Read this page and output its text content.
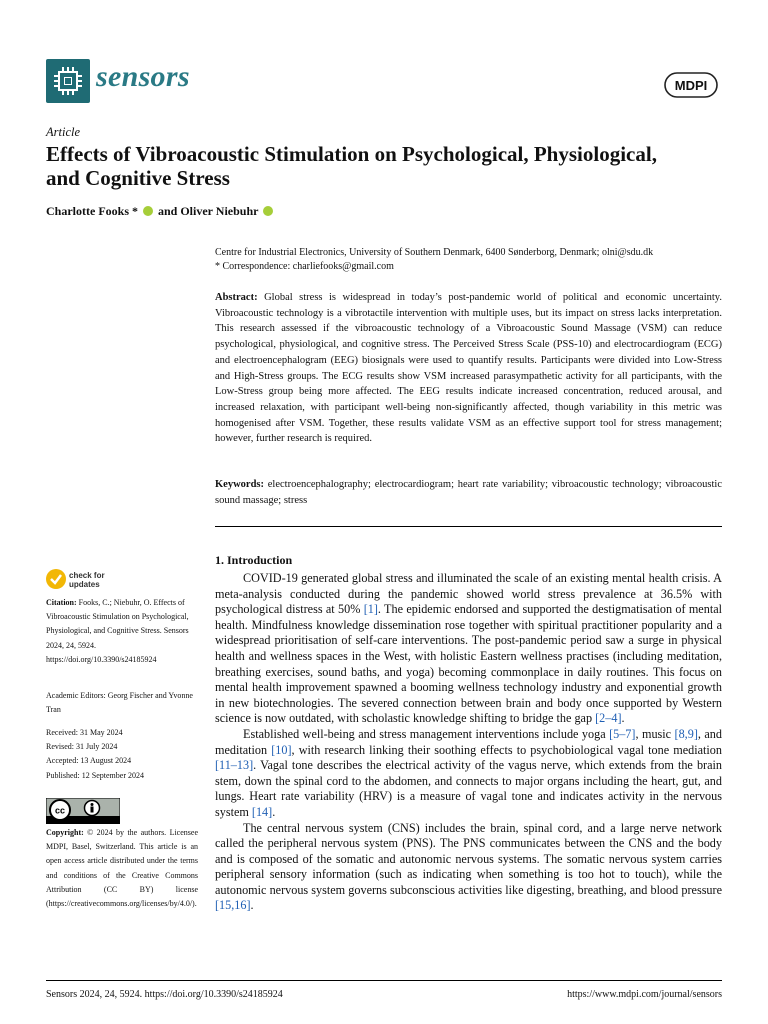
sensors	MDPI
Article
Effects of Vibroacoustic Stimulation on Psychological, Physiological, and Cognitive Stress
Charlotte Fooks * and Oliver Niebuhr
Centre for Industrial Electronics, University of Southern Denmark, 6400 Sønderborg, Denmark; olni@sdu.dk
* Correspondence: charliefooks@gmail.com
Abstract: Global stress is widespread in today’s post-pandemic world of political and economic uncertainty. Vibroacoustic technology is a vibrotactile intervention with multiple uses, but its impact on stress lacks interpretation. This research assessed if the vibroacoustic technology of a Vibroacoustic Sound Massage (VSM) can reduce psychological, physiological, and cognitive stress. The Perceived Stress Scale (PSS-10) and electrocardiogram (ECG) and electroencephalogram (EEG) biosignals were used to quantify results. Participants were divided into Low-Stress and High-Stress groups. The ECG results show VSM increased parasympathetic activity for all participants, with the Low-Stress group being more affected. The EEG results indicate increased concentration, reduced arousal, and increased relaxation, with participant well-being non-significantly affected, though variability in this metric was homogenised after VSM. Together, these results validate VSM as an effective support tool for stress management; however, further research is required.
Keywords: electroencephalography; electrocardiogram; heart rate variability; vibroacoustic technology; vibroacoustic sound massage; stress
1. Introduction

COVID-19 generated global stress and illuminated the scale of an existing mental health crisis. A meta-analysis conducted during the pandemic showed world stress prevalence at 36.5% with psychological distress at 50% [1]. The epidemic endorsed and supported the destigmatisation of mental health. Mindfulness knowledge dissemination rose together with spiritual practitioner popularity and a widespread prioritisation of self-care interventions. The post-pandemic period saw a surge in physical health and wellness spaces in the West, with holistic Eastern wellness practises (including meditation, breathing exercises, sound baths, and yoga) becoming commonplace in daily routines. This focus on mental health improvement spawned a booming wellness technology industry and exponential growth in new biotechnologies. The severed connection between brain and body once supported by Western science is now outdated, with scholastic knowledge shifting to bridge the gap [2–4].

Established well-being and stress management interventions include yoga [5–7], music [8,9], and meditation [10], with research linking their soothing effects to psychobiological vagal tone mediation [11–13]. Vagal tone describes the electrical activity of the vagus nerve, which extends from the brain stem, down the spinal cord to the abdomen, and connects to major organs including the heart, gut, and lungs. Heart rate variability (HRV) is a measure of vagal tone and indicates activity in the nervous system [14].

The central nervous system (CNS) includes the brain, spinal cord, and a large nerve network called the peripheral nervous system (PNS). The PNS communicates between the CNS and the body and is composed of the somatic and autonomic nervous systems. The somatic nervous system carries peripheral sensory information (such as indicating when something is too hot to touch), while the autonomic nervous system governs subconscious activities like digesting, breathing, and blood pressure [15,16].

check for
updates
Citation: Fooks, C.; Niebuhr, O. Effects of Vibroacoustic Stimulation on Psychological, Physiological, and Cognitive Stress. Sensors 2024, 24, 5924. https://doi.org/10.3390/s24185924
Academic Editors: Georg Fischer and Yvonne Tran
Received: 31 May 2024
Revised: 31 July 2024
Accepted: 13 August 2024
Published: 12 September 2024
cc
Copyright: © 2024 by the authors. Licensee MDPI, Basel, Switzerland. This article is an open access article distributed under the terms and conditions of the Creative Commons Attribution (CC BY) license (https://creativecommons.org/licenses/by/4.0/).
Sensors 2024, 24, 5924. https://doi.org/10.3390/s24185924	https://www.mdpi.com/journal/sensors
